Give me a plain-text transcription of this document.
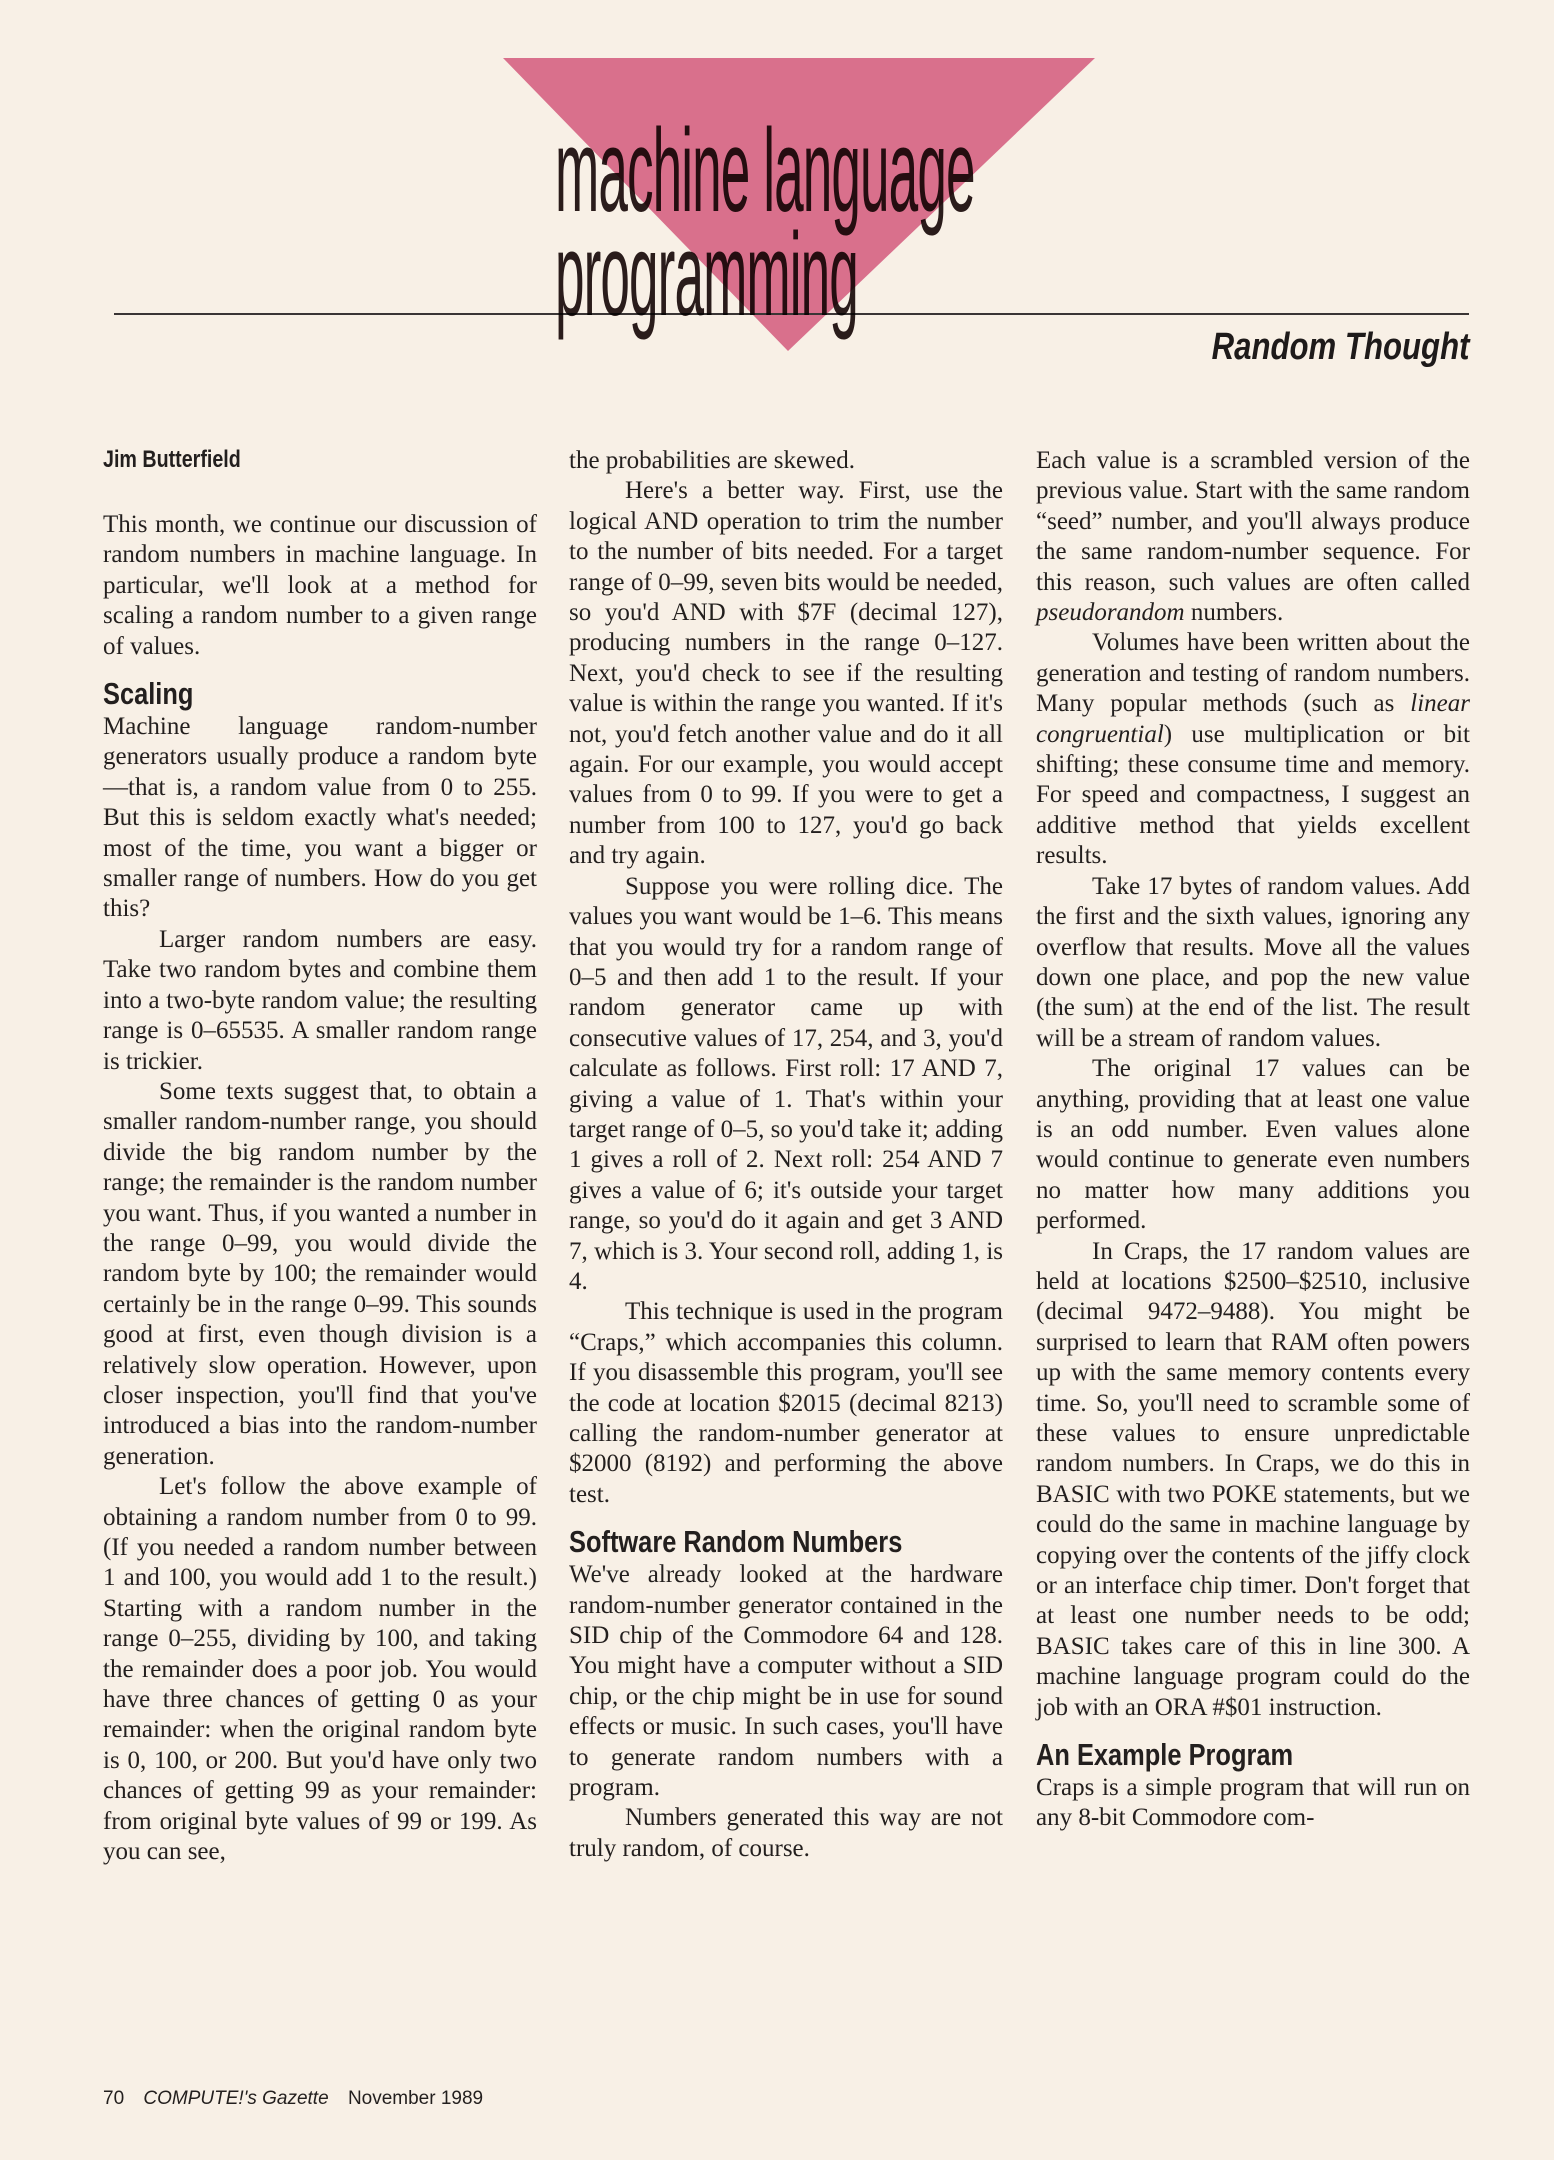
machine language
programming
Random Thought
Jim Butterfield

This month, we continue our discussion of random numbers in machine language. In particular, we'll look at a method for scaling a random number to a given range of values.

Scaling

Machine language random-number generators usually produce a random byte—that is, a random value from 0 to 255. But this is seldom exactly what's needed; most of the time, you want a bigger or smaller range of numbers. How do you get this?

Larger random numbers are easy. Take two random bytes and combine them into a two-byte random value; the resulting range is 0–65535. A smaller random range is trickier.

Some texts suggest that, to obtain a smaller random-number range, you should divide the big random number by the range; the remainder is the random number you want. Thus, if you wanted a number in the range 0–99, you would divide the random byte by 100; the remainder would certainly be in the range 0–99. This sounds good at first, even though division is a relatively slow operation. However, upon closer inspection, you'll find that you've introduced a bias into the random-number generation.

Let's follow the above example of obtaining a random number from 0 to 99. (If you needed a random number between 1 and 100, you would add 1 to the result.) Starting with a random number in the range 0–255, dividing by 100, and taking the remainder does a poor job. You would have three chances of getting 0 as your remainder: when the original random byte is 0, 100, or 200. But you'd have only two chances of getting 99 as your remainder: from original byte values of 99 or 199. As you can see,

the probabilities are skewed.

Here's a better way. First, use the logical AND operation to trim the number to the number of bits needed. For a target range of 0–99, seven bits would be needed, so you'd AND with $7F (decimal 127), producing numbers in the range 0–127. Next, you'd check to see if the resulting value is within the range you wanted. If it's not, you'd fetch another value and do it all again. For our example, you would accept values from 0 to 99. If you were to get a number from 100 to 127, you'd go back and try again.

Suppose you were rolling dice. The values you want would be 1–6. This means that you would try for a random range of 0–5 and then add 1 to the result. If your random generator came up with consecutive values of 17, 254, and 3, you'd calculate as follows. First roll: 17 AND 7, giving a value of 1. That's within your target range of 0–5, so you'd take it; adding 1 gives a roll of 2. Next roll: 254 AND 7 gives a value of 6; it's outside your target range, so you'd do it again and get 3 AND 7, which is 3. Your second roll, adding 1, is 4.

This technique is used in the program “Craps,” which accompanies this column. If you disassemble this program, you'll see the code at location $2015 (decimal 8213) calling the random-number generator at $2000 (8192) and performing the above test.

Software Random Numbers

We've already looked at the hardware random-number generator contained in the SID chip of the Commodore 64 and 128. You might have a computer without a SID chip, or the chip might be in use for sound effects or music. In such cases, you'll have to generate random numbers with a program.

Numbers generated this way are not truly random, of course.

Each value is a scrambled version of the previous value. Start with the same random “seed” number, and you'll always produce the same random-number sequence. For this reason, such values are often called pseudorandom numbers.

Volumes have been written about the generation and testing of random numbers. Many popular methods (such as linear congruential) use multiplication or bit shifting; these consume time and memory. For speed and compactness, I suggest an additive method that yields excellent results.

Take 17 bytes of random values. Add the first and the sixth values, ignoring any overflow that results. Move all the values down one place, and pop the new value (the sum) at the end of the list. The result will be a stream of random values.

The original 17 values can be anything, providing that at least one value is an odd number. Even values alone would continue to generate even numbers no matter how many additions you performed.

In Craps, the 17 random values are held at locations $2500–$2510, inclusive (decimal 9472–9488). You might be surprised to learn that RAM often powers up with the same memory contents every time. So, you'll need to scramble some of these values to ensure unpredictable random numbers. In Craps, we do this in BASIC with two POKE statements, but we could do the same in machine language by copying over the contents of the jiffy clock or an interface chip timer. Don't forget that at least one number needs to be odd; BASIC takes care of this in line 300. A machine language program could do the job with an ORA #$01 instruction.

An Example Program

Craps is a simple program that will run on any 8-bit Commodore com-

70 COMPUTE!'s Gazette November 1989
